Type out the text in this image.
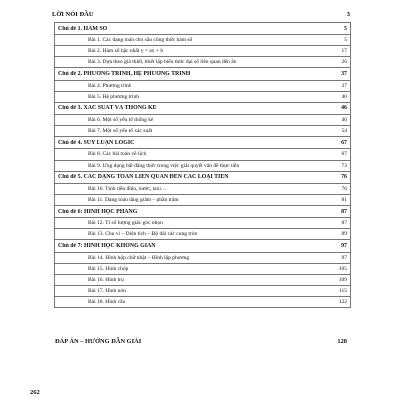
LỜI NÓI ĐẦU	3
Chủ đề 1. HÀM SỐ	5
Bài 1. Các dạng toán cho sẵn công thức hàm số	5
Bài 2. Hàm số bậc nhất y = ax + b	17
Bài 3. Dựa theo giả thiết, thiết lập biểu thức đại số liên quan đến ẩn	26
Chủ đề 2. PHƯƠNG TRÌNH, HỆ PHƯƠNG TRÌNH	37
Bài 4. Phương trình	37
Bài 5. Hệ phương trình	40
Chủ đề 3. XÁC SUẤT VÀ THỐNG KÊ	46
Bài 6. Một số yếu tố thống kê	46
Bài 7. Một số yếu tố xác suất	54
Chủ đề 4. SUY LUẬN LOGIC	67
Bài 8. Các bài toán về lịch	67
Bài 9. Ứng dụng bất đẳng thức trong việc giải quyết vấn đề thực tiễn	73
Chủ đề 5. CÁC DẠNG TOÁN LIÊN QUAN ĐẾN CÁC LOẠI TIỀN	76
Bài 10. Tính tiền điện, nước, taxi…	76
Bài 11. Dạng toán tăng giảm – phần trăm	81
Chủ đề 6: HÌNH HỌC PHẲNG	87
Bài 12. Tỉ số lượng giác góc nhọn	87
Bài 13. Chu vi – Diện tích – Độ dài các cung tròn	89
Chủ đề 7: HÌNH HỌC KHÔNG GIAN	97
Bài 14. Hình hộp chữ nhật – Hình lập phương	97
Bài 15. Hình chóp	105
Bài 16. Hình trụ	109
Bài 17. Hình nón	115
Bài 18. Hình cầu	122
ĐÁP ÁN – HƯỚNG DẪN GIẢI	128
262
